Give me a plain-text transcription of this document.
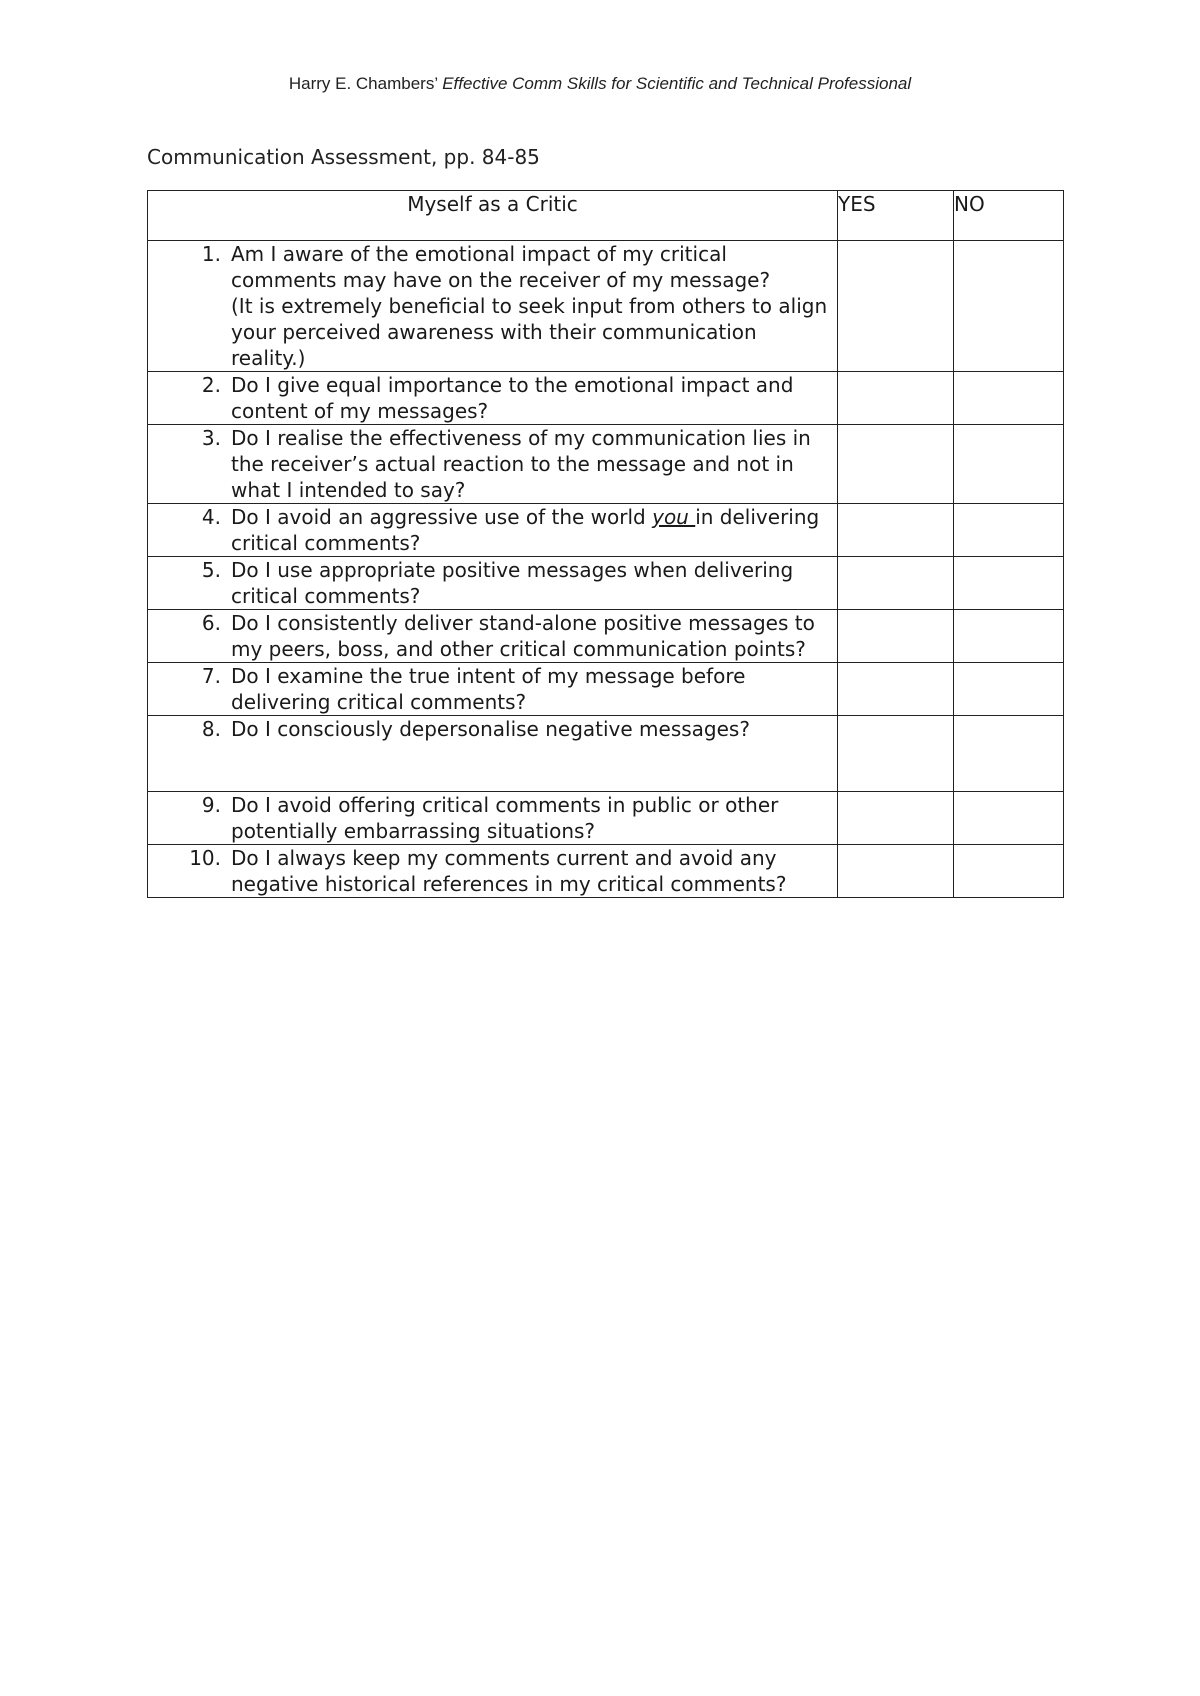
Harry E. Chambers’ Effective Comm Skills for Scientific and Technical Professional
Communication Assessment, pp. 84-85
Myself as a Critic	YES	NO

1. Am I aware of the emotional impact of my critical comments may have on the receiver of my message?
(It is extremely beneficial to seek input from others to align your perceived awareness with their communication reality.)		

2. Do I give equal importance to the emotional impact and content of my messages?		

3. Do I realise the effectiveness of my communication lies in the receiver’s actual reaction to the message and not in what I intended to say?		

4. Do I avoid an aggressive use of the world you in delivering critical comments?		

5. Do I use appropriate positive messages when delivering critical comments?		

6. Do I consistently deliver stand-alone positive messages to my peers, boss, and other critical communication points?		

7. Do I examine the true intent of my message before delivering critical comments?		

8. Do I consciously depersonalise negative messages?		

9. Do I avoid offering critical comments in public or other potentially embarrassing situations?		

10. Do I always keep my comments current and avoid any negative historical references in my critical comments?		
